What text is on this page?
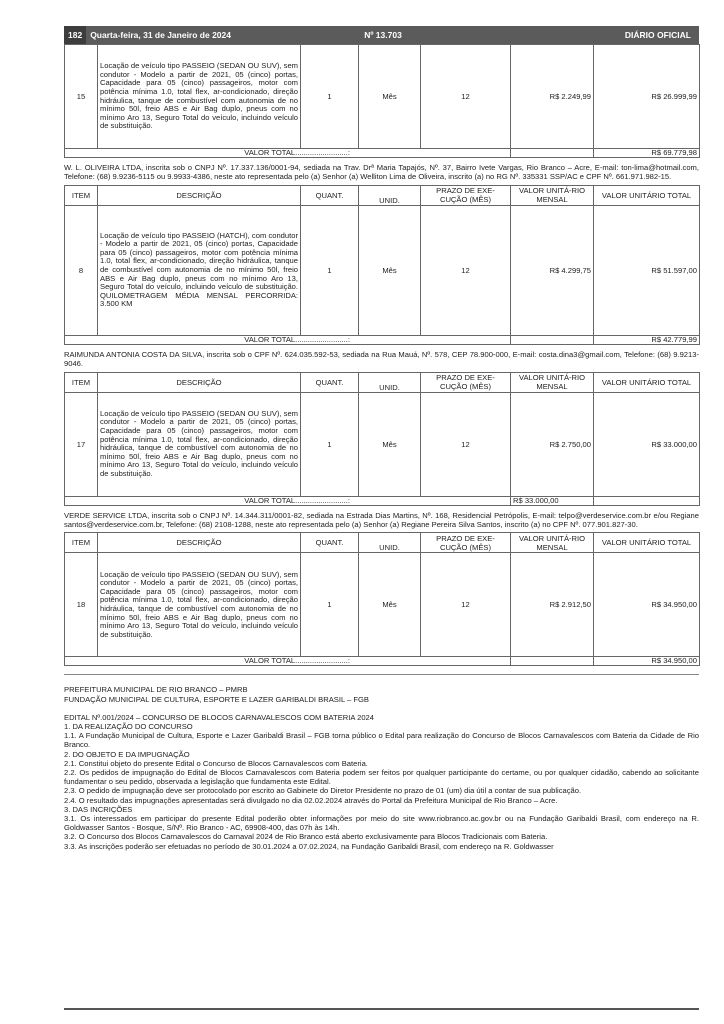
182 Quarta-feira, 31 de Janeiro de 2024	Nº 13.703	DIÁRIO OFICIAL
15	Locação de veículo tipo PASSEIO (SEDAN OU SUV), sem condutor - Modelo a partir de 2021, 05 (cinco) portas, Capacidade para 05 (cinco) passageiros, motor com potência mínima 1.0, total flex, ar-condicionado, direção hidráulica, tanque de combustível com autonomia de no mínimo 50l, freio ABS e Air Bag duplo, pneus com no mínimo Aro 13, Seguro Total do veículo, incluindo veículo de substituição.	1	Mês	12	R$ 2.249,99	R$ 26.999,99
VALOR TOTAL.........................:						R$ 69.779,98
W. L. OLIVEIRA LTDA, inscrita sob o CNPJ Nº. 17.337.136/0001-94, sediada na Trav. Drª Maria Tapajós, Nº. 37, Bairro Ivete Vargas, Rio Branco – Acre, E-mail: ton-lima@hotmail.com, Telefone: (68) 9.9236-5115 ou 9.9933-4386, neste ato representada pelo (a) Senhor (a) Welliton Lima de Oliveira, inscrito (a) no RG Nº. 335331 SSP/AC e CPF Nº. 661.971.982-15.
ITEM	DESCRIÇÃO	QUANT.	UNID.	PRAZO DE EXE-CUÇÃO (MÊS)	VALOR UNITÁ-RIO MENSAL	VALOR UNITÁRIO TOTAL
8	Locação de veículo tipo PASSEIO (HATCH), com condutor - Modelo a partir de 2021, 05 (cinco) portas, Capacidade para 05 (cinco) passageiros, motor com potência mínima 1.0, total flex, ar-condicionado, direção hidráulica, tanque de combustível com autonomia de no mínimo 50l, freio ABS e Air Bag duplo, pneus com no mínimo Aro 13, Seguro Total do veículo, incluindo veículo de substituição. QUILOMETRAGEM MÉDIA MENSAL PERCORRIDA: 3.500 KM	1	Mês	12	R$ 4.299,75	R$ 51.597,00
VALOR TOTAL.........................:						R$ 42.779,99
RAIMUNDA ANTONIA COSTA DA SILVA, inscrita sob o CPF Nº. 624.035.592-53, sediada na Rua Mauá, Nº. 578, CEP 78.900-000, E-mail: costa.dina3@gmail.com, Telefone: (68) 9.9213-9046.
ITEM	DESCRIÇÃO	QUANT.	UNID.	PRAZO DE EXE-CUÇÃO (MÊS)	VALOR UNITÁ-RIO MENSAL	VALOR UNITÁRIO TOTAL
17	Locação de veículo tipo PASSEIO (SEDAN OU SUV), sem condutor - Modelo a partir de 2021, 05 (cinco) portas, Capacidade para 05 (cinco) passageiros, motor com potência mínima 1.0, total flex, ar-condicionado, direção hidráulica, tanque de combustível com autonomia de no mínimo 50l, freio ABS e Air Bag duplo, pneus com no mínimo Aro 13, Seguro Total do veículo, incluindo veículo de substituição.	1	Mês	12	R$ 2.750,00	R$ 33.000,00
VALOR TOTAL.........................:					R$ 33.000,00	
VERDE SERVICE LTDA, inscrita sob o CNPJ Nº. 14.344.311/0001-82, sediada na Estrada Dias Martins, Nº. 168, Residencial Petrópolis, E-mail: telpo@verdeservice.com.br e/ou Regiane santos@verdeservice.com.br, Telefone: (68) 2108-1288, neste ato representada pelo (a) Senhor (a) Regiane Pereira Silva Santos, inscrito (a) no CPF Nº. 077.901.827-30.
ITEM	DESCRIÇÃO	QUANT.	UNID.	PRAZO DE EXE-CUÇÃO (MÊS)	VALOR UNITÁ-RIO MENSAL	VALOR UNITÁRIO TOTAL
18	Locação de veículo tipo PASSEIO (SEDAN OU SUV), sem condutor - Modelo a partir de 2021, 05 (cinco) portas, Capacidade para 05 (cinco) passageiros, motor com potência mínima 1.0, total flex, ar-condicionado, direção hidráulica, tanque de combustível com autonomia de no mínimo 50l, freio ABS e Air Bag duplo, pneus com no mínimo Aro 13, Seguro Total do veículo, incluindo veículo de substituição.	1	Mês	12	R$ 2.912,50	R$ 34.950,00
VALOR TOTAL.........................:						R$ 34.950,00

PREFEITURA MUNICIPAL DE RIO BRANCO – PMRB

FUNDAÇÃO MUNICIPAL DE CULTURA, ESPORTE E LAZER GARIBALDI BRASIL – FGB

EDITAL Nº.001/2024 – CONCURSO DE BLOCOS CARNAVALESCOS COM BATERIA 2024

1. DA REALIZAÇÃO DO CONCURSO

1.1. A Fundação Municipal de Cultura, Esporte e Lazer Garibaldi Brasil – FGB torna público o Edital para realização do Concurso de Blocos Carnavalescos com Bateria da Cidade de Rio Branco.

2. DO OBJETO E DA IMPUGNAÇÃO

2.1. Constitui objeto do presente Edital o Concurso de Blocos Carnavalescos com Bateria.

2.2. Os pedidos de impugnação do Edital de Blocos Carnavalescos com Bateria podem ser feitos por qualquer participante do certame, ou por qualquer cidadão, cabendo ao solicitante fundamentar o seu pedido, observada a legislação que fundamenta este Edital.

2.3. O pedido de impugnação deve ser protocolado por escrito ao Gabinete do Diretor Presidente no prazo de 01 (um) dia útil a contar de sua publicação.

2.4. O resultado das impugnações apresentadas será divulgado no dia 02.02.2024 através do Portal da Prefeitura Municipal de Rio Branco – Acre.

3. DAS INCRIÇÕES

3.1. Os interessados em participar do presente Edital poderão obter informações por meio do site www.riobranco.ac.gov.br ou na Fundação Garibaldi Brasil, com endereço na R. Goldwasser Santos - Bosque, S/Nº. Rio Branco - AC, 69908-400, das 07h às 14h.

3.2. O Concurso dos Blocos Carnavalescos do Carnaval 2024 de Rio Branco está aberto exclusivamente para Blocos Tradicionais com Bateria.

3.3. As inscrições poderão ser efetuadas no período de 30.01.2024 a 07.02.2024, na Fundação Garibaldi Brasil, com endereço na R. Goldwasser
